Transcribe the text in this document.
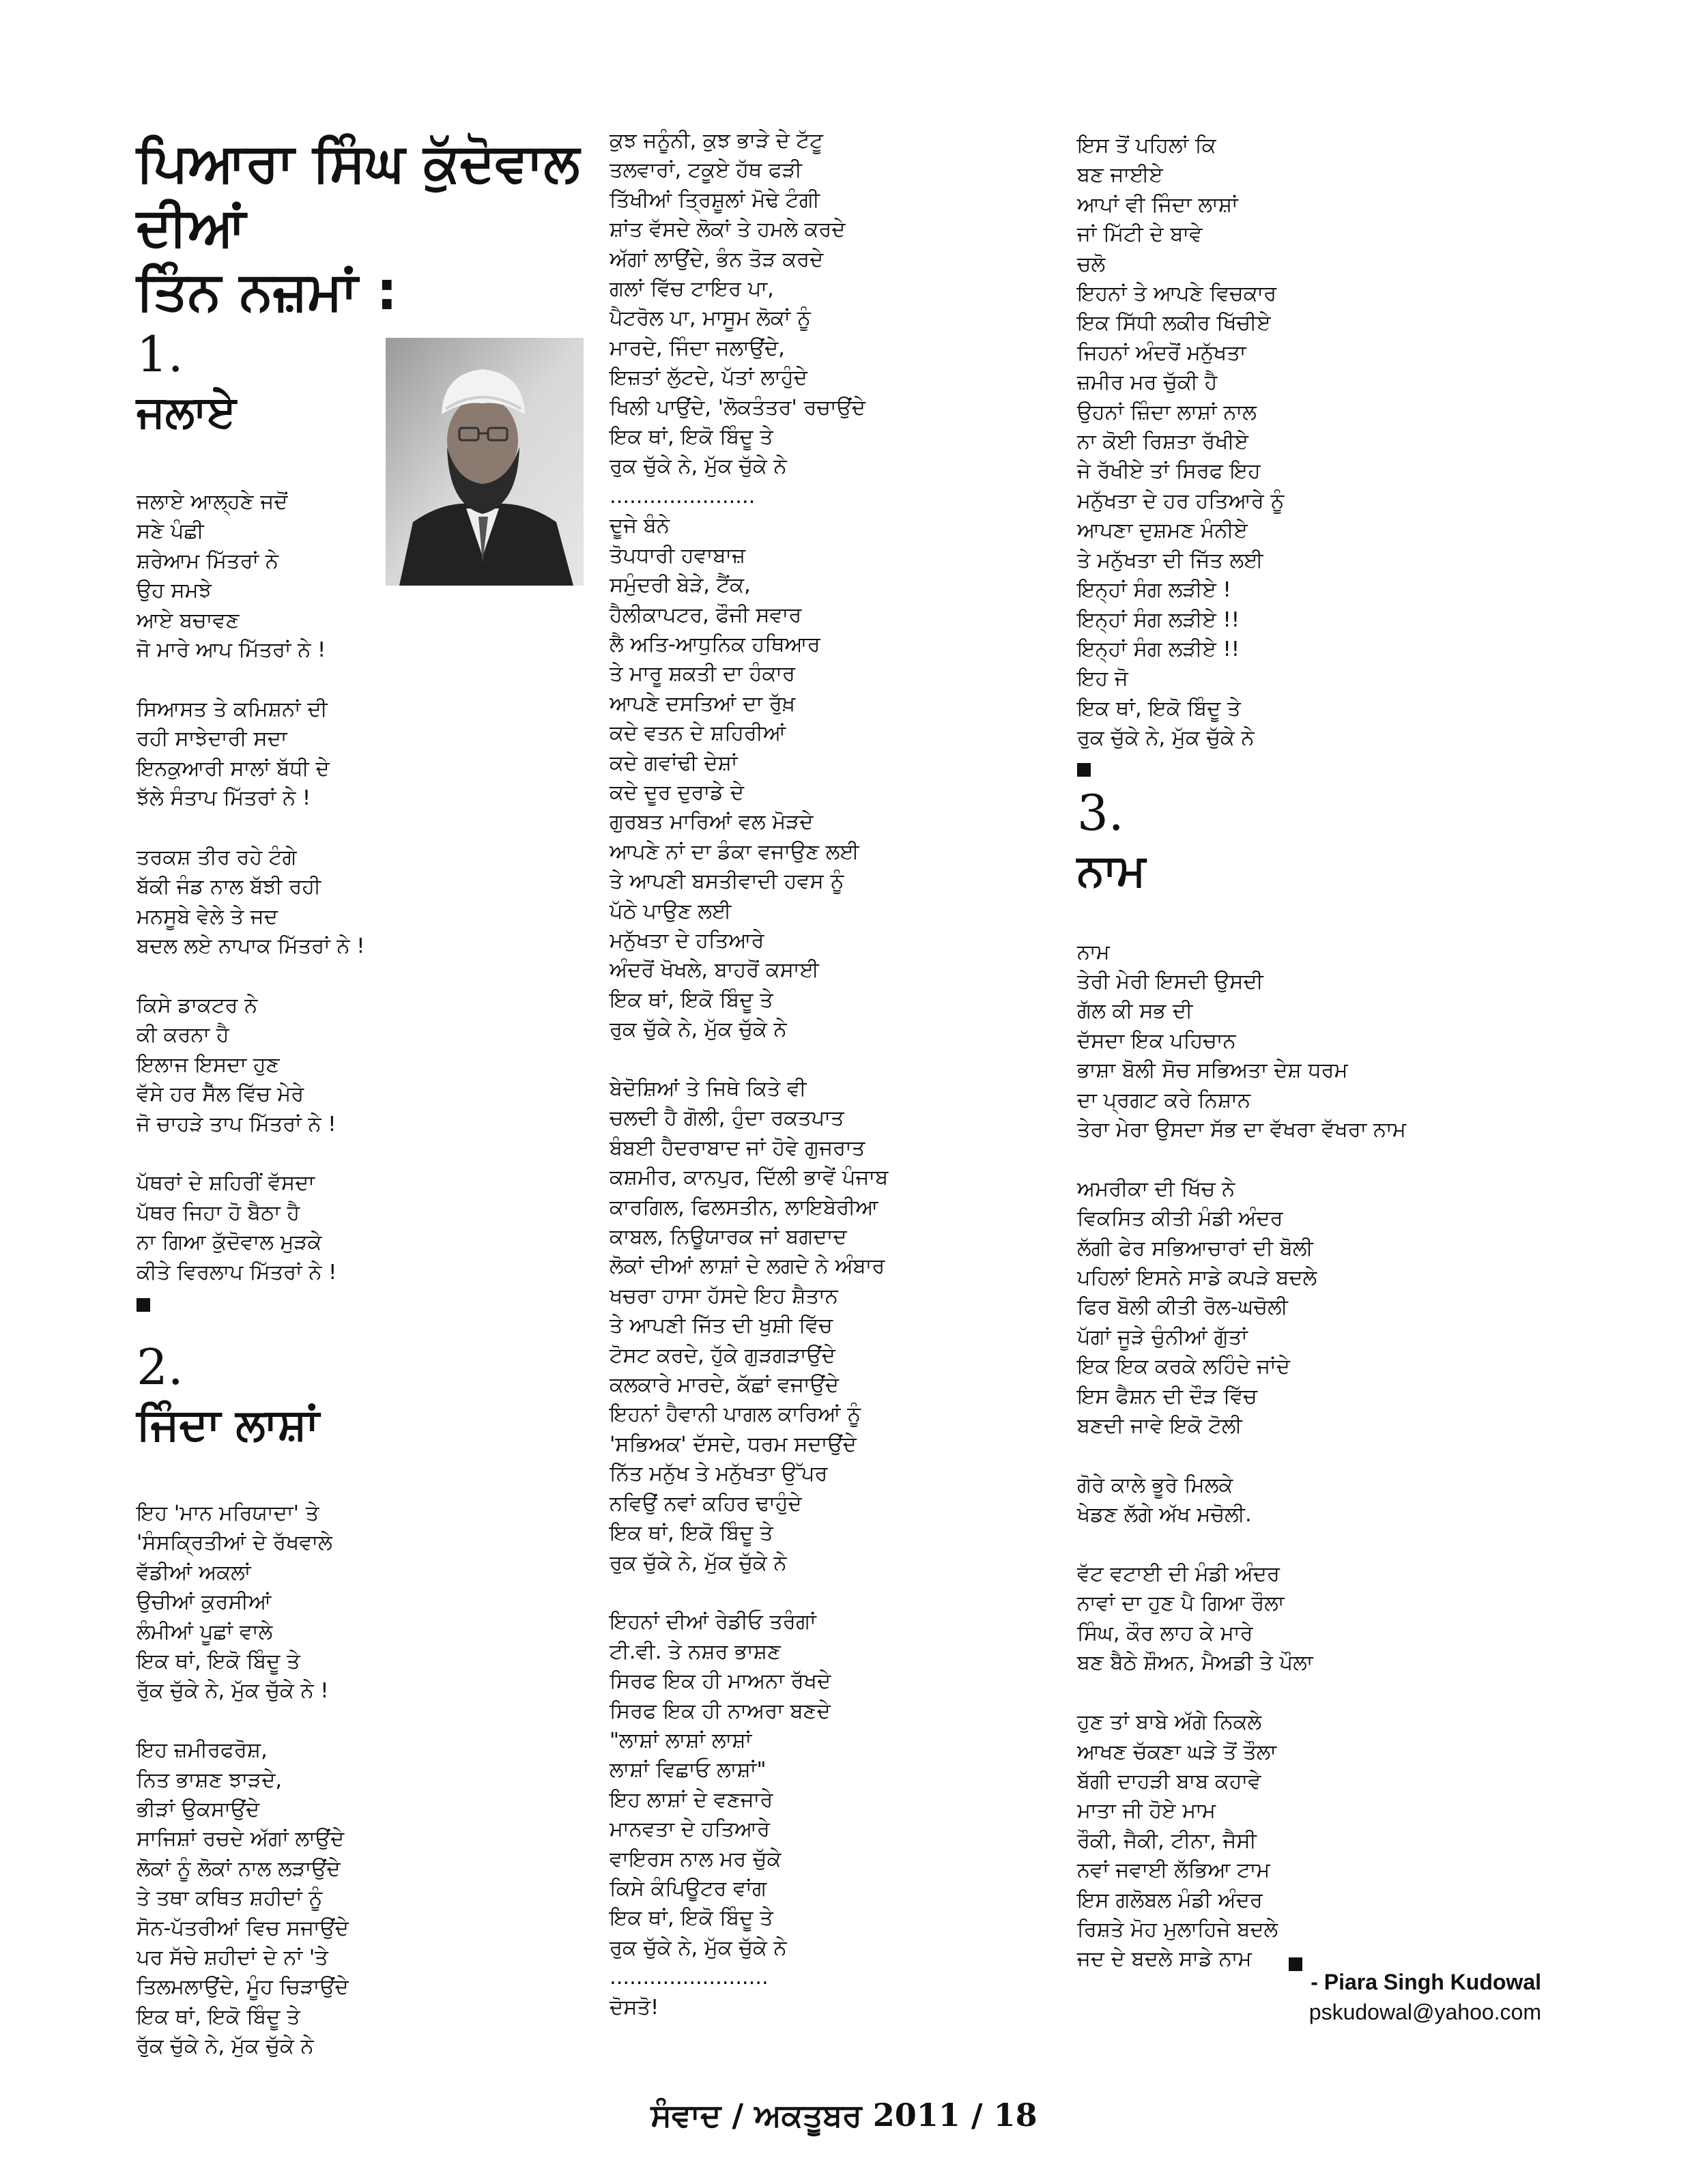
ਪਿਆਰਾ ਸਿੰਘ ਕੁੱਦੋਵਾਲ

ਦੀਆਂ

ਤਿੰਨ ਨਜ਼ਮਾਂ :

1.

ਜਲਾਏ

ਜਲਾਏ ਆਲ੍ਹਣੇ ਜਦੋਂ
ਸਣੇ ਪੰਛੀ
ਸ਼ਰੇਆਮ ਮਿੱਤਰਾਂ ਨੇ
ਉਹ ਸਮਝੇ
ਆਏ ਬਚਾਵਣ
ਜੋ ਮਾਰੇ ਆਪ ਮਿੱਤਰਾਂ ਨੇ !

ਸਿਆਸਤ ਤੇ ਕਮਿਸ਼ਨਾਂ ਦੀ
ਰਹੀ ਸਾਝੇਦਾਰੀ ਸਦਾ
ਇਨਕੁਆਰੀ ਸਾਲਾਂ ਬੱਧੀ ਦੇ
ਝੱਲੇ ਸੰਤਾਪ ਮਿੱਤਰਾਂ ਨੇ !

ਤਰਕਸ਼ ਤੀਰ ਰਹੇ ਟੰਗੇ
ਬੱਕੀ ਜੰਡ ਨਾਲ ਬੱਝੀ ਰਹੀ
ਮਨਸੂਬੇ ਵੇਲੇ ਤੇ ਜਦ
ਬਦਲ ਲਏ ਨਾਪਾਕ ਮਿੱਤਰਾਂ ਨੇ !

ਕਿਸੇ ਡਾਕਟਰ ਨੇ
ਕੀ ਕਰਨਾ ਹੈ
ਇਲਾਜ ਇਸਦਾ ਹੁਣ
ਵੱਸੇ ਹਰ ਸੈੱਲ ਵਿੱਚ ਮੇਰੇ
ਜੋ ਚਾਹੜੇ ਤਾਪ ਮਿੱਤਰਾਂ ਨੇ !

ਪੱਥਰਾਂ ਦੇ ਸ਼ਹਿਰੀਂ ਵੱਸਦਾ
ਪੱਥਰ ਜਿਹਾ ਹੋ ਬੈਠਾ ਹੈ
ਨਾ ਗਿਆ ਕੁੱਦੋਵਾਲ ਮੁੜਕੇ
ਕੀਤੇ ਵਿਰਲਾਪ ਮਿੱਤਰਾਂ ਨੇ !

2.

ਜਿੰਦਾ ਲਾਸ਼ਾਂ

ਇਹ 'ਮਾਨ ਮਰਿਯਾਦਾ' ਤੇ
'ਸੰਸਕ੍ਰਿਤੀਆਂ ਦੇ ਰੱਖਵਾਲੇ
ਵੱਡੀਆਂ ਅਕਲਾਂ
ਉਚੀਆਂ ਕੁਰਸੀਆਂ
ਲੰਮੀਆਂ ਪੂਛਾਂ ਵਾਲੇ
ਇਕ ਥਾਂ, ਇਕੋ ਬਿੰਦੂ ਤੇ
ਰੁੱਕ ਚੁੱਕੇ ਨੇ, ਮੁੱਕ ਚੁੱਕੇ ਨੇ !

ਇਹ ਜ਼ਮੀਰਫਰੋਸ਼,
ਨਿਤ ਭਾਸ਼ਣ ਝਾੜਦੇ,
ਭੀੜਾਂ ਉਕਸਾਉਂਦੇ
ਸਾਜਿਸ਼ਾਂ ਰਚਦੇ ਅੱਗਾਂ ਲਾਉਂਦੇ
ਲੋਕਾਂ ਨੂੰ ਲੋਕਾਂ ਨਾਲ ਲੜਾਉਂਦੇ
ਤੇ ਤਥਾ ਕਥਿਤ ਸ਼ਹੀਦਾਂ ਨੂੰ
ਸੋਨ-ਪੱਤਰੀਆਂ ਵਿਚ ਸਜਾਉਂਦੇ
ਪਰ ਸੱਚੇ ਸ਼ਹੀਦਾਂ ਦੇ ਨਾਂ 'ਤੇ
ਤਿਲਮਲਾਉਂਦੇ, ਮੂੰਹ ਚਿੜਾਉਂਦੇ
ਇਕ ਥਾਂ, ਇਕੋ ਬਿੰਦੂ ਤੇ
ਰੁੱਕ ਚੁੱਕੇ ਨੇ, ਮੁੱਕ ਚੁੱਕੇ ਨੇ

ਕੁਝ ਜਨੂੰਨੀ, ਕੁਝ ਭਾੜੇ ਦੇ ਟੱਟੂ
ਤਲਵਾਰਾਂ, ਟਕੂਏ ਹੱਥ ਫੜੀ
ਤਿੱਖੀਆਂ ਤ੍ਰਿਸ਼ੂਲਾਂ ਮੋਢੇ ਟੰਗੀ
ਸ਼ਾਂਤ ਵੱਸਦੇ ਲੋਕਾਂ ਤੇ ਹਮਲੇ ਕਰਦੇ
ਅੱਗਾਂ ਲਾਉਂਦੇ, ਭੰਨ ਤੋੜ ਕਰਦੇ
ਗਲਾਂ ਵਿੱਚ ਟਾਇਰ ਪਾ,
ਪੈਟਰੋਲ ਪਾ, ਮਾਸੂਮ ਲੋਕਾਂ ਨੂੰ
ਮਾਰਦੇ, ਜਿੰਦਾ ਜਲਾਉਂਦੇ,
ਇਜ਼ਤਾਂ ਲੁੱਟਦੇ, ਪੱਤਾਂ ਲਾਹੁੰਦੇ
ਖਿਲੀ ਪਾਉਂਦੇ, 'ਲੋਕਤੰਤਰ' ਰਚਾਉਂਦੇ
ਇਕ ਥਾਂ, ਇਕੋ ਬਿੰਦੂ ਤੇ
ਰੁਕ ਚੁੱਕੇ ਨੇ, ਮੁੱਕ ਚੁੱਕੇ ਨੇ
......................
ਦੂਜੇ ਬੰਨੇ
ਤੋਪਧਾਰੀ ਹਵਾਬਾਜ਼
ਸਮੁੰਦਰੀ ਬੇੜੇ, ਟੈਂਕ,
ਹੈਲੀਕਾਪਟਰ, ਫੌਜੀ ਸਵਾਰ
ਲੈ ਅਤਿ-ਆਧੁਨਿਕ ਹਥਿਆਰ
ਤੇ ਮਾਰੂ ਸ਼ਕਤੀ ਦਾ ਹੰਕਾਰ
ਆਪਣੇ ਦਸਤਿਆਂ ਦਾ ਰੁੱਖ਼
ਕਦੇ ਵਤਨ ਦੇ ਸ਼ਹਿਰੀਆਂ
ਕਦੇ ਗਵਾਂਢੀ ਦੇਸ਼ਾਂ
ਕਦੇ ਦੂਰ ਦੁਰਾਡੇ ਦੇ
ਗੁਰਬਤ ਮਾਰਿਆਂ ਵਲ ਮੋੜਦੇ
ਆਪਣੇ ਨਾਂ ਦਾ ਡੰਕਾ ਵਜਾਉਣ ਲਈ
ਤੇ ਆਪਣੀ ਬਸਤੀਵਾਦੀ ਹਵਸ ਨੂੰ
ਪੱਠੇ ਪਾਉਣ ਲਈ
ਮਨੁੱਖਤਾ ਦੇ ਹਤਿਆਰੇ
ਅੰਦਰੋਂ ਖੋਖਲੇ, ਬਾਹਰੋਂ ਕਸਾਈ
ਇਕ ਥਾਂ, ਇਕੋ ਬਿੰਦੂ ਤੇ
ਰੁਕ ਚੁੱਕੇ ਨੇ, ਮੁੱਕ ਚੁੱਕੇ ਨੇ

ਬੇਦੋਸ਼ਿਆਂ ਤੇ ਜਿਥੇ ਕਿਤੇ ਵੀ
ਚਲਦੀ ਹੈ ਗੋਲੀ, ਹੁੰਦਾ ਰਕਤਪਾਤ
ਬੰਬਈ ਹੈਦਰਾਬਾਦ ਜਾਂ ਹੋਵੇ ਗੁਜਰਾਤ
ਕਸ਼ਮੀਰ, ਕਾਨਪੁਰ, ਦਿੱਲੀ ਭਾਵੇਂ ਪੰਜਾਬ
ਕਾਰਗਿਲ, ਫਿਲਸਤੀਨ, ਲਾਇਬੇਰੀਆ
ਕਾਬਲ, ਨਿਊਯਾਰਕ ਜਾਂ ਬਗਦਾਦ
ਲੋਕਾਂ ਦੀਆਂ ਲਾਸ਼ਾਂ ਦੇ ਲਗਦੇ ਨੇ ਅੰਬਾਰ
ਖਚਰਾ ਹਾਸਾ ਹੱਸਦੇ ਇਹ ਸ਼ੈਤਾਨ
ਤੇ ਆਪਣੀ ਜਿੱਤ ਦੀ ਖੁਸ਼ੀ ਵਿੱਚ
ਟੋਸਟ ਕਰਦੇ, ਹੁੱਕੇ ਗੁੜਗੜਾਉਂਦੇ
ਕਲਕਾਰੇ ਮਾਰਦੇ, ਕੱਛਾਂ ਵਜਾਉਂਦੇ
ਇਹਨਾਂ ਹੈਵਾਨੀ ਪਾਗਲ ਕਾਰਿਆਂ ਨੂੰ
'ਸਭਿਅਕ' ਦੱਸਦੇ, ਧਰਮ ਸਦਾਉਂਦੇ
ਨਿੱਤ ਮਨੁੱਖ ਤੇ ਮਨੁੱਖਤਾ ਉੱਪਰ
ਨਵਿਉਂ ਨਵਾਂ ਕਹਿਰ ਢਾਹੁੰਦੇ
ਇਕ ਥਾਂ, ਇਕੋ ਬਿੰਦੂ ਤੇ
ਰੁਕ ਚੁੱਕੇ ਨੇ, ਮੁੱਕ ਚੁੱਕੇ ਨੇ

ਇਹਨਾਂ ਦੀਆਂ ਰੇਡੀਓ ਤਰੰਗਾਂ
ਟੀ.ਵੀ. ਤੇ ਨਸ਼ਰ ਭਾਸ਼ਣ
ਸਿਰਫ ਇਕ ਹੀ ਮਾਅਨਾ ਰੱਖਦੇ
ਸਿਰਫ ਇਕ ਹੀ ਨਾਅਰਾ ਬਣਦੇ
"ਲਾਸ਼ਾਂ ਲਾਸ਼ਾਂ ਲਾਸ਼ਾਂ
ਲਾਸ਼ਾਂ ਵਿਛਾਓ ਲਾਸ਼ਾਂ"
ਇਹ ਲਾਸ਼ਾਂ ਦੇ ਵਣਜਾਰੇ
ਮਾਨਵਤਾ ਦੇ ਹਤਿਆਰੇ
ਵਾਇਰਸ ਨਾਲ ਮਰ ਚੁੱਕੇ
ਕਿਸੇ ਕੰਪਿਊਟਰ ਵਾਂਗ
ਇਕ ਥਾਂ, ਇਕੋ ਬਿੰਦੂ ਤੇ
ਰੁਕ ਚੁੱਕੇ ਨੇ, ਮੁੱਕ ਚੁੱਕੇ ਨੇ
........................
ਦੋਸਤੋ!

ਇਸ ਤੋਂ ਪਹਿਲਾਂ ਕਿ
ਬਣ ਜਾਈਏ
ਆਪਾਂ ਵੀ ਜਿੰਦਾ ਲਾਸ਼ਾਂ
ਜਾਂ ਮਿੱਟੀ ਦੇ ਬਾਵੇ
ਚਲੋ
ਇਹਨਾਂ ਤੇ ਆਪਣੇ ਵਿਚਕਾਰ
ਇਕ ਸਿੱਧੀ ਲਕੀਰ ਖਿੱਚੀਏ
ਜਿਹਨਾਂ ਅੰਦਰੋਂ ਮਨੁੱਖਤਾ
ਜ਼ਮੀਰ ਮਰ ਚੁੱਕੀ ਹੈ
ਉਹਨਾਂ ਜ਼ਿੰਦਾ ਲਾਸ਼ਾਂ ਨਾਲ
ਨਾ ਕੋਈ ਰਿਸ਼ਤਾ ਰੱਖੀਏ
ਜੇ ਰੱਖੀਏ ਤਾਂ ਸਿਰਫ ਇਹ
ਮਨੁੱਖਤਾ ਦੇ ਹਰ ਹਤਿਆਰੇ ਨੂੰ
ਆਪਣਾ ਦੁਸ਼ਮਣ ਮੰਨੀਏ
ਤੇ ਮਨੁੱਖਤਾ ਦੀ ਜਿੱਤ ਲਈ
ਇਨ੍ਹਾਂ ਸੰਗ ਲੜੀਏ !
ਇਨ੍ਹਾਂ ਸੰਗ ਲੜੀਏ !!
ਇਨ੍ਹਾਂ ਸੰਗ ਲੜੀਏ !!
ਇਹ ਜੋ
ਇਕ ਥਾਂ, ਇਕੋ ਬਿੰਦੂ ਤੇ
ਰੁਕ ਚੁੱਕੇ ਨੇ, ਮੁੱਕ ਚੁੱਕੇ ਨੇ

3.

ਨਾਮ

ਨਾਮ
ਤੇਰੀ ਮੇਰੀ ਇਸਦੀ ਉਸਦੀ
ਗੱਲ ਕੀ ਸਭ ਦੀ
ਦੱਸਦਾ ਇਕ ਪਹਿਚਾਨ
ਭਾਸ਼ਾ ਬੋਲੀ ਸੋਚ ਸਭਿਅਤਾ ਦੇਸ਼ ਧਰਮ
ਦਾ ਪ੍ਰਗਟ ਕਰੇ ਨਿਸ਼ਾਨ
ਤੇਰਾ ਮੇਰਾ ਉਸਦਾ ਸੱਭ ਦਾ ਵੱਖਰਾ ਵੱਖਰਾ ਨਾਮ

ਅਮਰੀਕਾ ਦੀ ਖਿੱਚ ਨੇ
ਵਿਕਸਿਤ ਕੀਤੀ ਮੰਡੀ ਅੰਦਰ
ਲੱਗੀ ਫੇਰ ਸਭਿਆਚਾਰਾਂ ਦੀ ਬੋਲੀ
ਪਹਿਲਾਂ ਇਸਨੇ ਸਾਡੇ ਕਪੜੇ ਬਦਲੇ
ਫਿਰ ਬੋਲੀ ਕੀਤੀ ਰੋਲ-ਘਚੋਲੀ
ਪੱਗਾਂ ਜੂੜੇ ਚੁੰਨੀਆਂ ਗੁੱਤਾਂ
ਇਕ ਇਕ ਕਰਕੇ ਲਹਿੰਦੇ ਜਾਂਦੇ
ਇਸ ਫੈਸ਼ਨ ਦੀ ਦੌੜ ਵਿੱਚ
ਬਣਦੀ ਜਾਵੇ ਇਕੋ ਟੋਲੀ

ਗੋਰੇ ਕਾਲੇ ਭੂਰੇ ਮਿਲਕੇ
ਖੇਡਣ ਲੱਗੇ ਅੱਖ ਮਚੋਲੀ.

ਵੱਟ ਵਟਾਈ ਦੀ ਮੰਡੀ ਅੰਦਰ
ਨਾਵਾਂ ਦਾ ਹੁਣ ਪੈ ਗਿਆ ਰੌਲਾ
ਸਿੰਘ, ਕੌਰ ਲਾਹ ਕੇ ਮਾਰੇ
ਬਣ ਬੈਠੇ ਸ਼ੌਅਨ, ਮੈਅਡੀ ਤੇ ਪੌਲਾ

ਹੁਣ ਤਾਂ ਬਾਬੇ ਅੱਗੇ ਨਿਕਲੇ
ਆਖਣ ਚੱਕਣਾ ਘੜੇ ਤੋਂ ਤੌਲਾ
ਬੱਗੀ ਦਾਹੜੀ ਬਾਬ ਕਹਾਵੇ
ਮਾਤਾ ਜੀ ਹੋਏ ਮਾਮ
ਰੌਕੀ, ਜੈਕੀ, ਟੀਨਾ, ਜੈਸੀ
ਨਵਾਂ ਜਵਾਈ ਲੱਭਿਆ ਟਾਮ
ਇਸ ਗਲੋਬਲ ਮੰਡੀ ਅੰਦਰ
ਰਿਸ਼ਤੇ ਮੋਹ ਮੁਲਾਹਿਜੇ ਬਦਲੇ
ਜਦ ਦੇ ਬਦਲੇ ਸਾਡੇ ਨਾਮ

- Piara Singh Kudowal
pskudowal@yahoo.com
ਸੰਵਾਦ / ਅਕਤੂਬਰ 2011 / 18
